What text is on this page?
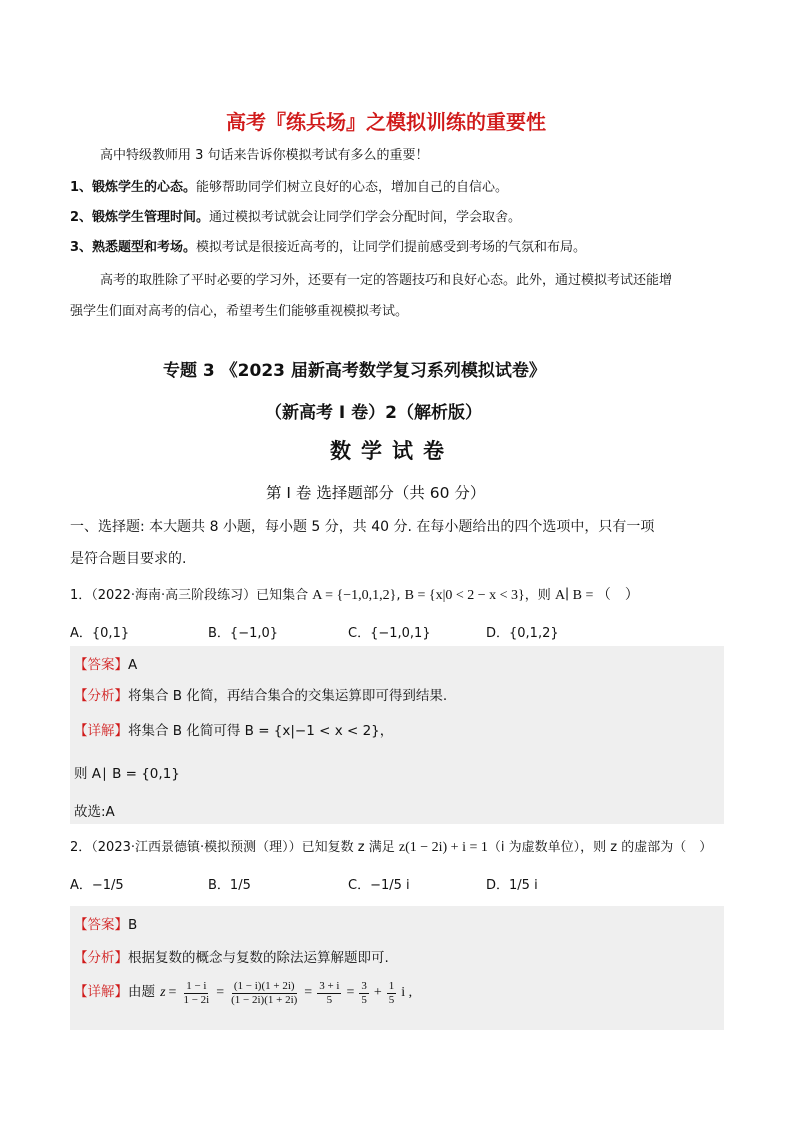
高考『练兵场』之模拟训练的重要性
高中特级教师用 3 句话来告诉你模拟考试有多么的重要！
1、锻炼学生的心态。能够帮助同学们树立良好的心态，增加自己的自信心。
2、锻炼学生管理时间。通过模拟考试就会让同学们学会分配时间，学会取舍。
3、熟悉题型和考场。模拟考试是很接近高考的，让同学们提前感受到考场的气氛和布局。
高考的取胜除了平时必要的学习外，还要有一定的答题技巧和良好心态。此外，通过模拟考试还能增
强学生们面对高考的信心，希望考生们能够重视模拟考试。
专题 3 《2023 届新高考数学复习系列模拟试卷》
（新高考 I 卷）2（解析版）
数学试卷
第 I 卷 选择题部分（共 60 分）
一、选择题: 本大题共 8 小题，每小题 5 分，共 40 分. 在每小题给出的四个选项中，只有一项
是符合题目要求的.
1．（2022·海南·高三阶段练习）已知集合 A = {−1,0,1,2}, B = {x|0 < 2 − x < 3}，则 A∣ B = （　）
A．{0,1}	B．{−1,0}	C．{−1,0,1}	D．{0,1,2}
【答案】A
【分析】将集合 B 化简，再结合集合的交集运算即可得到结果.
【详解】将集合 B 化简可得 B = {x|−1 < x < 2}，
则 A∣ B = {0,1}
故选:A
2．（2023·江西景德镇·模拟预测（理））已知复数 z 满足 z(1 − 2i) + i = 1（i 为虚数单位），则 z 的虚部为（　）
A．−1/5	B．1/5	C．−1/5 i	D．1/5 i
【答案】B
【分析】根据复数的概念与复数的除法运算解题即可.
【详解】由题 $z = \frac{1 - i}{1 - 2i} = \frac{(1 - i)(1 + 2i)}{(1 - 2i)(1 + 2i)} = \frac{3 + i}{5} = \frac{3}{5} + \frac{1}{5}$ i ,
